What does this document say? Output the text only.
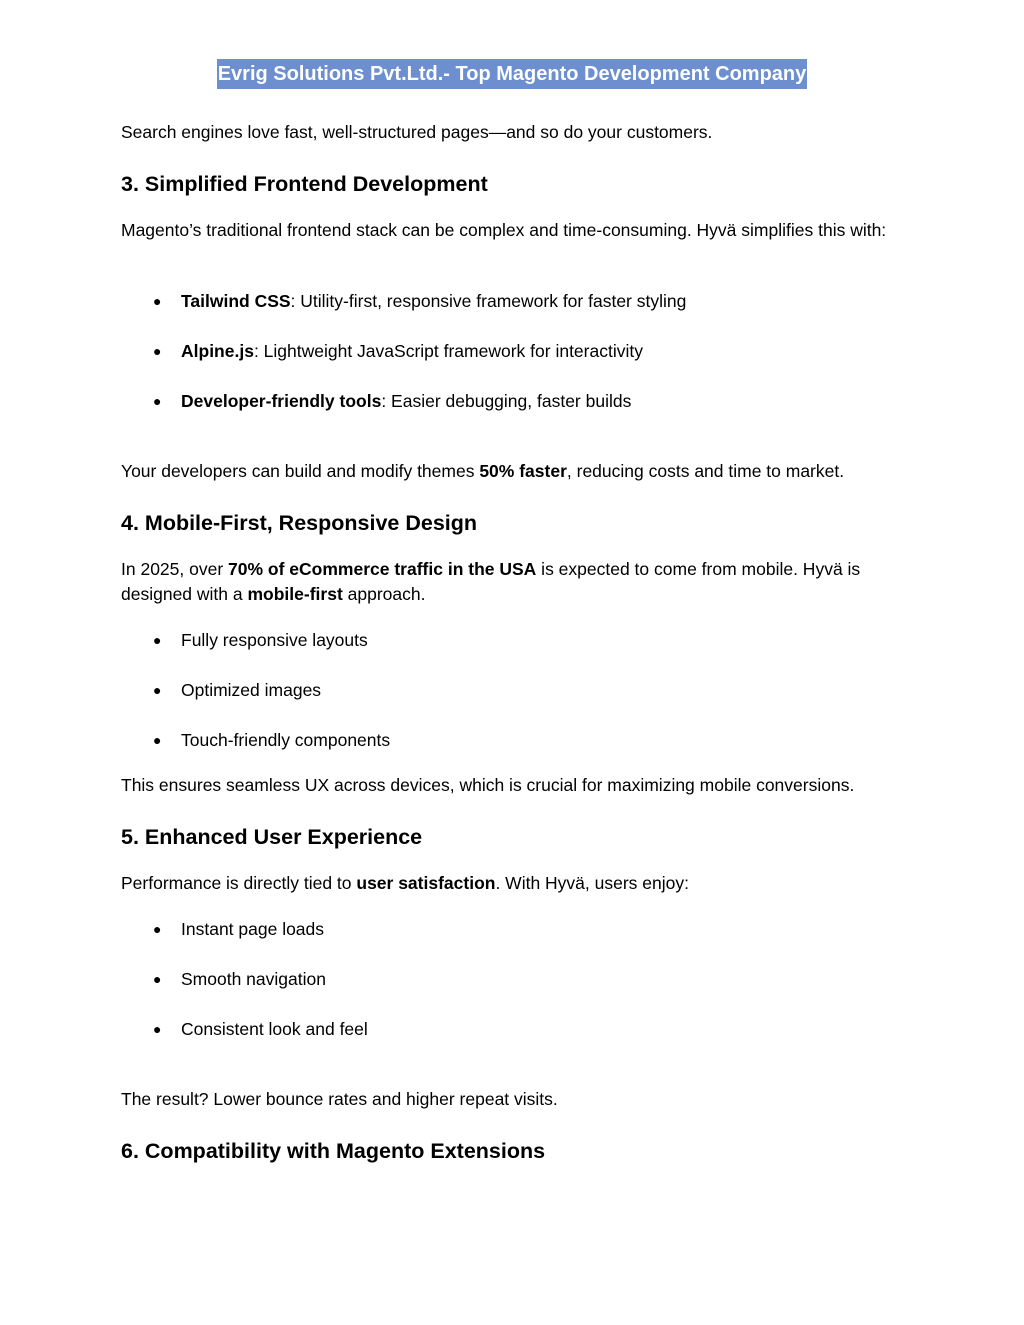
Evrig Solutions Pvt.Ltd.- Top Magento Development Company
Search engines love fast, well-structured pages—and so do your customers.
3. Simplified Frontend Development
Magento’s traditional frontend stack can be complex and time-consuming. Hyvä simplifies this with:
● Tailwind CSS: Utility-first, responsive framework for faster styling
● Alpine.js: Lightweight JavaScript framework for interactivity
● Developer-friendly tools: Easier debugging, faster builds
Your developers can build and modify themes 50% faster, reducing costs and time to market.
4. Mobile-First, Responsive Design
In 2025, over 70% of eCommerce traffic in the USA is expected to come from mobile. Hyvä is designed with a mobile-first approach.
● Fully responsive layouts
● Optimized images
● Touch-friendly components
This ensures seamless UX across devices, which is crucial for maximizing mobile conversions.
5. Enhanced User Experience
Performance is directly tied to user satisfaction. With Hyvä, users enjoy:
● Instant page loads
● Smooth navigation
● Consistent look and feel
The result? Lower bounce rates and higher repeat visits.
6. Compatibility with Magento Extensions
